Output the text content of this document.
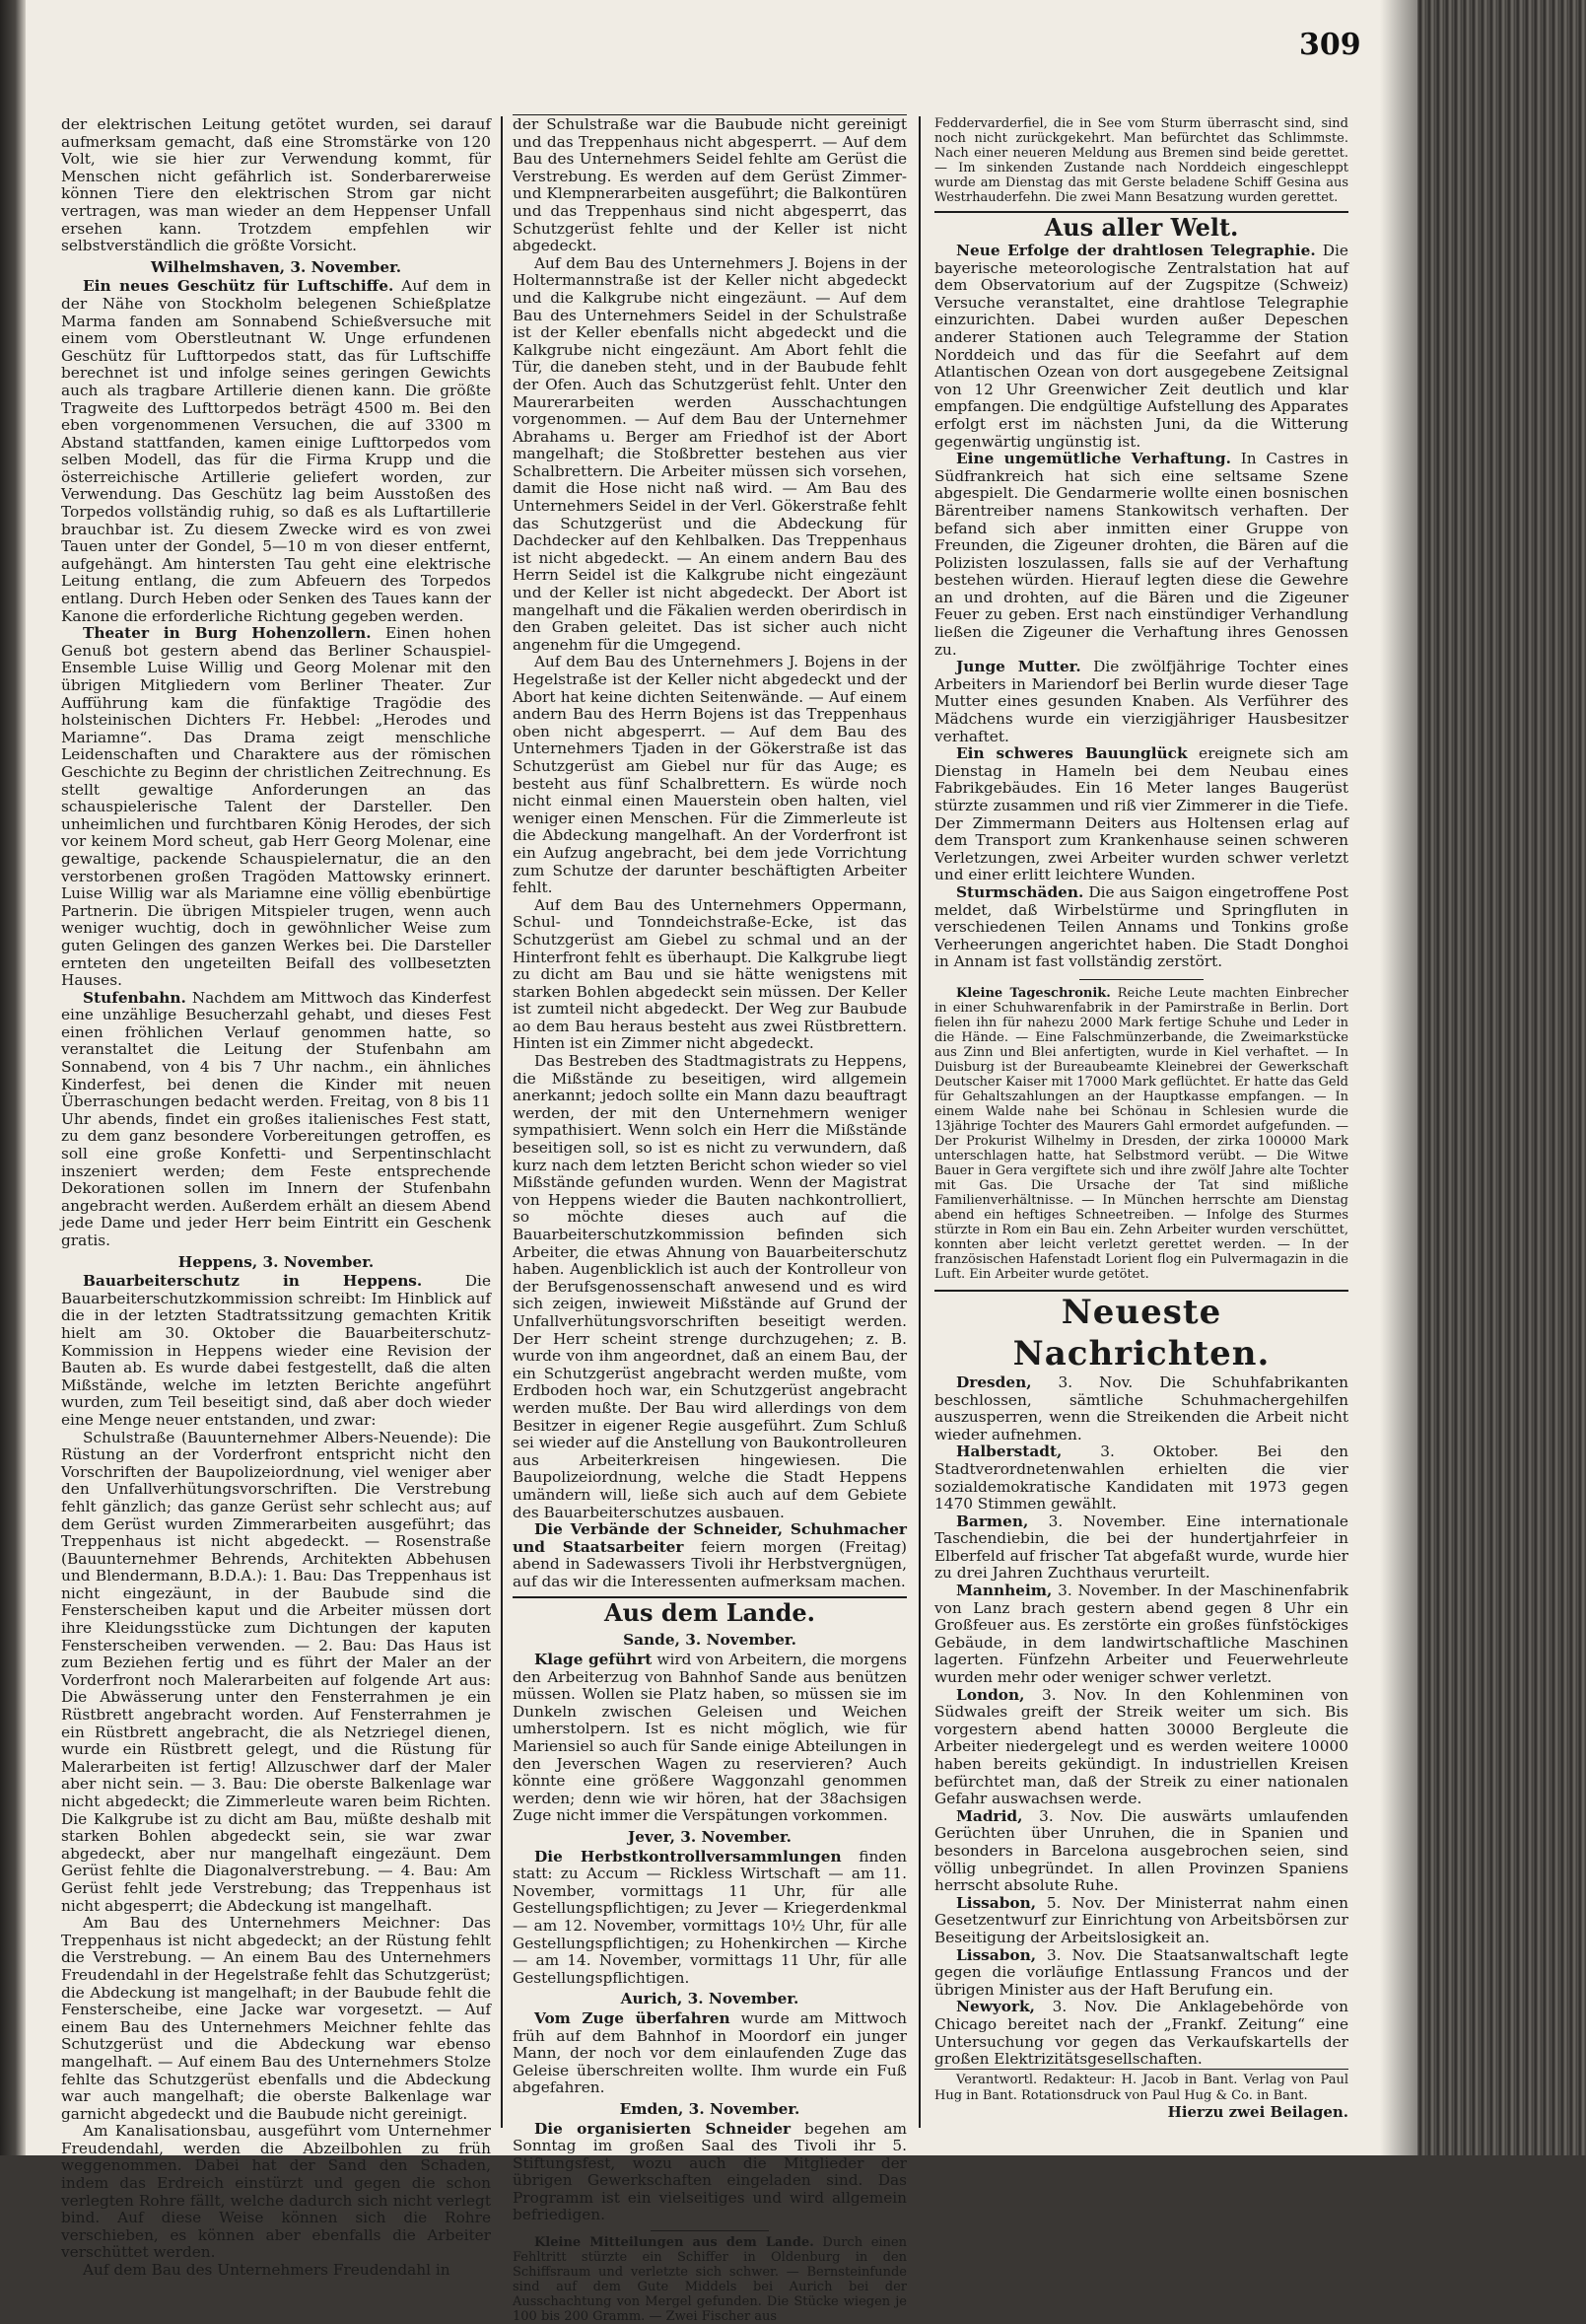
309

der elektrischen Leitung getötet wurden, sei darauf aufmerksam gemacht, daß eine Stromstärke von 120 Volt, wie sie hier zur Verwendung kommt, für Menschen nicht gefährlich ist. Sonderbarerweise können Tiere den elektrischen Strom gar nicht vertragen, was man wieder an dem Heppenser Unfall ersehen kann. Trotzdem empfehlen wir selbstverständlich die größte Vorsicht.

Wilhelmshaven, 3. November.

Ein neues Geschütz für Luftschiffe. Auf dem in der Nähe von Stockholm belegenen Schießplatze Marma fanden am Sonnabend Schießversuche mit einem vom Oberstleutnant W. Unge erfundenen Geschütz für Lufttorpedos statt, das für Luftschiffe berechnet ist und infolge seines geringen Gewichts auch als tragbare Artillerie dienen kann. Die größte Tragweite des Lufttorpedos beträgt 4500 m. Bei den eben vorgenommenen Versuchen, die auf 3300 m Abstand stattfanden, kamen einige Lufttorpedos vom selben Modell, das für die Firma Krupp und die österreichische Artillerie geliefert worden, zur Verwendung. Das Geschütz lag beim Ausstoßen des Torpedos vollständig ruhig, so daß es als Luftartillerie brauchbar ist. Zu diesem Zwecke wird es von zwei Tauen unter der Gondel, 5—10 m von dieser entfernt, aufgehängt. Am hintersten Tau geht eine elektrische Leitung entlang, die zum Abfeuern des Torpedos entlang. Durch Heben oder Senken des Taues kann der Kanone die erforderliche Richtung gegeben werden.

Theater in Burg Hohenzollern. Einen hohen Genuß bot gestern abend das Berliner Schauspiel-Ensemble Luise Willig und Georg Molenar mit den übrigen Mitgliedern vom Berliner Theater. Zur Aufführung kam die fünfaktige Tragödie des holsteinischen Dichters Fr. Hebbel: „Herodes und Mariamne“. Das Drama zeigt menschliche Leidenschaften und Charaktere aus der römischen Geschichte zu Beginn der christlichen Zeitrechnung. Es stellt gewaltige Anforderungen an das schauspielerische Talent der Darsteller. Den unheimlichen und furchtbaren König Herodes, der sich vor keinem Mord scheut, gab Herr Georg Molenar, eine gewaltige, packende Schauspielernatur, die an den verstorbenen großen Tragöden Mattowsky erinnert. Luise Willig war als Mariamne eine völlig ebenbürtige Partnerin. Die übrigen Mitspieler trugen, wenn auch weniger wuchtig, doch in gewöhnlicher Weise zum guten Gelingen des ganzen Werkes bei. Die Darsteller ernteten den ungeteilten Beifall des vollbesetzten Hauses.

Stufenbahn. Nachdem am Mittwoch das Kinderfest eine unzählige Besucherzahl gehabt, und dieses Fest einen fröhlichen Verlauf genommen hatte, so veranstaltet die Leitung der Stufenbahn am Sonnabend, von 4 bis 7 Uhr nachm., ein ähnliches Kinderfest, bei denen die Kinder mit neuen Überraschungen bedacht werden. Freitag, von 8 bis 11 Uhr abends, findet ein großes italienisches Fest statt, zu dem ganz besondere Vorbereitungen getroffen, es soll eine große Konfetti- und Serpentinschlacht inszeniert werden; dem Feste entsprechende Dekorationen sollen im Innern der Stufenbahn angebracht werden. Außerdem erhält an diesem Abend jede Dame und jeder Herr beim Eintritt ein Geschenk gratis.

Heppens, 3. November.

Bauarbeiterschutz in Heppens. Die Bauarbeiterschutzkommission schreibt: Im Hinblick auf die in der letzten Stadtratssitzung gemachten Kritik hielt am 30. Oktober die Bauarbeiterschutz-Kommission in Heppens wieder eine Revision der Bauten ab. Es wurde dabei festgestellt, daß die alten Mißstände, welche im letzten Berichte angeführt wurden, zum Teil beseitigt sind, daß aber doch wieder eine Menge neuer entstanden, und zwar:

Schulstraße (Bauunternehmer Albers-Neuende): Die Rüstung an der Vorderfront entspricht nicht den Vorschriften der Baupolizeiordnung, viel weniger aber den Unfallverhütungsvorschriften. Die Verstrebung fehlt gänzlich; das ganze Gerüst sehr schlecht aus; auf dem Gerüst wurden Zimmerarbeiten ausgeführt; das Treppenhaus ist nicht abgedeckt. — Rosenstraße (Bauunternehmer Behrends, Architekten Abbehusen und Blendermann, B.D.A.): 1. Bau: Das Treppenhaus ist nicht eingezäunt, in der Baubude sind die Fensterscheiben kaput und die Arbeiter müssen dort ihre Kleidungsstücke zum Dichtungen der kaputen Fensterscheiben verwenden. — 2. Bau: Das Haus ist zum Beziehen fertig und es führt der Maler an der Vorderfront noch Malerarbeiten auf folgende Art aus: Die Abwässerung unter den Fensterrahmen je ein Rüstbrett angebracht worden. Auf Fensterrahmen je ein Rüstbrett angebracht, die als Netzriegel dienen, wurde ein Rüstbrett gelegt, und die Rüstung für Malerarbeiten ist fertig! Allzuschwer darf der Maler aber nicht sein. — 3. Bau: Die oberste Balkenlage war nicht abgedeckt; die Zimmerleute waren beim Richten. Die Kalkgrube ist zu dicht am Bau, müßte deshalb mit starken Bohlen abgedeckt sein, sie war zwar abgedeckt, aber nur mangelhaft eingezäunt. Dem Gerüst fehlte die Diagonalverstrebung. — 4. Bau: Am Gerüst fehlt jede Verstrebung; das Treppenhaus ist nicht abgesperrt; die Abdeckung ist mangelhaft.

Am Bau des Unternehmers Meichner: Das Treppenhaus ist nicht abgedeckt; an der Rüstung fehlt die Verstrebung. — An einem Bau des Unternehmers Freudendahl in der Hegelstraße fehlt das Schutzgerüst; die Abdeckung ist mangelhaft; in der Baubude fehlt die Fensterscheibe, eine Jacke war vorgesetzt. — Auf einem Bau des Unternehmers Meichner fehlte das Schutzgerüst und die Abdeckung war ebenso mangelhaft. — Auf einem Bau des Unternehmers Stolze fehlte das Schutzgerüst ebenfalls und die Abdeckung war auch mangelhaft; die oberste Balkenlage war garnicht abgedeckt und die Baubude nicht gereinigt.

Am Kanalisationsbau, ausgeführt vom Unternehmer Freudendahl, werden die Abzeilbohlen zu früh weggenommen. Dabei hat der Sand den Schaden, indem das Erdreich einstürzt und gegen die schon verlegten Rohre fällt, welche dadurch sich nicht verlegt bind. Auf diese Weise können sich die Rohre verschieben, es können aber ebenfalls die Arbeiter verschüttet werden.

Auf dem Bau des Unternehmers Freudendahl in

der Schulstraße war die Baubude nicht gereinigt und das Treppenhaus nicht abgesperrt. — Auf dem Bau des Unternehmers Seidel fehlte am Gerüst die Verstrebung. Es werden auf dem Gerüst Zimmer- und Klempnerarbeiten ausgeführt; die Balkontüren und das Treppenhaus sind nicht abgesperrt, das Schutzgerüst fehlte und der Keller ist nicht abgedeckt.

Auf dem Bau des Unternehmers J. Bojens in der Holtermannstraße ist der Keller nicht abgedeckt und die Kalkgrube nicht eingezäunt. — Auf dem Bau des Unternehmers Seidel in der Schulstraße ist der Keller ebenfalls nicht abgedeckt und die Kalkgrube nicht eingezäunt. Am Abort fehlt die Tür, die daneben steht, und in der Baubude fehlt der Ofen. Auch das Schutzgerüst fehlt. Unter den Maurerarbeiten werden Ausschachtungen vorgenommen. — Auf dem Bau der Unternehmer Abrahams u. Berger am Friedhof ist der Abort mangelhaft; die Stoßbretter bestehen aus vier Schalbrettern. Die Arbeiter müssen sich vorsehen, damit die Hose nicht naß wird. — Am Bau des Unternehmers Seidel in der Verl. Gökerstraße fehlt das Schutzgerüst und die Abdeckung für Dachdecker auf den Kehlbalken. Das Treppenhaus ist nicht abgedeckt. — An einem andern Bau des Herrn Seidel ist die Kalkgrube nicht eingezäunt und der Keller ist nicht abgedeckt. Der Abort ist mangelhaft und die Fäkalien werden oberirdisch in den Graben geleitet. Das ist sicher auch nicht angenehm für die Umgegend.

Auf dem Bau des Unternehmers J. Bojens in der Hegelstraße ist der Keller nicht abgedeckt und der Abort hat keine dichten Seitenwände. — Auf einem andern Bau des Herrn Bojens ist das Treppenhaus oben nicht abgesperrt. — Auf dem Bau des Unternehmers Tjaden in der Gökerstraße ist das Schutzgerüst am Giebel nur für das Auge; es besteht aus fünf Schalbrettern. Es würde noch nicht einmal einen Mauerstein oben halten, viel weniger einen Menschen. Für die Zimmerleute ist die Abdeckung mangelhaft. An der Vorderfront ist ein Aufzug angebracht, bei dem jede Vorrichtung zum Schutze der darunter beschäftigten Arbeiter fehlt.

Auf dem Bau des Unternehmers Oppermann, Schul- und Tonndeichstraße-Ecke, ist das Schutzgerüst am Giebel zu schmal und an der Hinterfront fehlt es überhaupt. Die Kalkgrube liegt zu dicht am Bau und sie hätte wenigstens mit starken Bohlen abgedeckt sein müssen. Der Keller ist zumteil nicht abgedeckt. Der Weg zur Baubude ao dem Bau heraus besteht aus zwei Rüstbrettern. Hinten ist ein Zimmer nicht abgedeckt.

Das Bestreben des Stadtmagistrats zu Heppens, die Mißstände zu beseitigen, wird allgemein anerkannt; jedoch sollte ein Mann dazu beauftragt werden, der mit den Unternehmern weniger sympathisiert. Wenn solch ein Herr die Mißstände beseitigen soll, so ist es nicht zu verwundern, daß kurz nach dem letzten Bericht schon wieder so viel Mißstände gefunden wurden. Wenn der Magistrat von Heppens wieder die Bauten nachkontrolliert, so möchte dieses auch auf die Bauarbeiterschutzkommission befinden sich Arbeiter, die etwas Ahnung von Bauarbeiterschutz haben. Augenblicklich ist auch der Kontrolleur von der Berufsgenossenschaft anwesend und es wird sich zeigen, inwieweit Mißstände auf Grund der Unfallverhütungsvorschriften beseitigt werden. Der Herr scheint strenge durchzugehen; z. B. wurde von ihm angeordnet, daß an einem Bau, der ein Schutzgerüst angebracht werden mußte, vom Erdboden hoch war, ein Schutzgerüst angebracht werden mußte. Der Bau wird allerdings von dem Besitzer in eigener Regie ausgeführt. Zum Schluß sei wieder auf die Anstellung von Baukontrolleuren aus Arbeiterkreisen hingewiesen. Die Baupolizeiordnung, welche die Stadt Heppens umändern will, ließe sich auch auf dem Gebiete des Bauarbeiterschutzes ausbauen.

Die Verbände der Schneider, Schuhmacher und Staatsarbeiter feiern morgen (Freitag) abend in Sadewassers Tivoli ihr Herbstvergnügen, auf das wir die Interessenten aufmerksam machen.

Aus dem Lande.

Sande, 3. November.

Klage geführt wird von Arbeitern, die morgens den Arbeiterzug von Bahnhof Sande aus benützen müssen. Wollen sie Platz haben, so müssen sie im Dunkeln zwischen Geleisen und Weichen umherstolpern. Ist es nicht möglich, wie für Mariensiel so auch für Sande einige Abteilungen in den Jeverschen Wagen zu reservieren? Auch könnte eine größere Waggonzahl genommen werden; denn wie wir hören, hat der 38achsigen Zuge nicht immer die Verspätungen vorkommen.

Jever, 3. November.

Die Herbstkontrollversammlungen finden statt: zu Accum — Rickless Wirtschaft — am 11. November, vormittags 11 Uhr, für alle Gestellungspflichtigen; zu Jever — Kriegerdenkmal — am 12. November, vormittags 10½ Uhr, für alle Gestellungspflichtigen; zu Hohenkirchen — Kirche — am 14. November, vormittags 11 Uhr, für alle Gestellungspflichtigen.

Aurich, 3. November.

Vom Zuge überfahren wurde am Mittwoch früh auf dem Bahnhof in Moordorf ein junger Mann, der noch vor dem einlaufenden Zuge das Geleise überschreiten wollte. Ihm wurde ein Fuß abgefahren.

Emden, 3. November.

Die organisierten Schneider begehen am Sonntag im großen Saal des Tivoli ihr 5. Stiftungsfest, wozu auch die Mitglieder der übrigen Gewerkschaften eingeladen sind. Das Programm ist ein vielseitiges und wird allgemein befriedigen.

Kleine Mitteilungen aus dem Lande. Durch einen Fehltritt stürzte ein Schiffer in Oldenburg in den Schiffsraum und verletzte sich schwer. — Bernsteinfunde sind auf dem Gute Middels bei Aurich bei der Ausschachtung von Mergel gefunden. Die Stücke wiegen je 100 bis 200 Gramm. — Zwei Fischer aus

Feddervarderfiel, die in See vom Sturm überrascht sind, sind noch nicht zurückgekehrt. Man befürchtet das Schlimmste. Nach einer neueren Meldung aus Bremen sind beide gerettet. — Im sinkenden Zustande nach Norddeich eingeschleppt wurde am Dienstag das mit Gerste beladene Schiff Gesina aus Westrhauderfehn. Die zwei Mann Besatzung wurden gerettet.

Aus aller Welt.

Neue Erfolge der drahtlosen Telegraphie. Die bayerische meteorologische Zentralstation hat auf dem Observatorium auf der Zugspitze (Schweiz) Versuche veranstaltet, eine drahtlose Telegraphie einzurichten. Dabei wurden außer Depeschen anderer Stationen auch Telegramme der Station Norddeich und das für die Seefahrt auf dem Atlantischen Ozean von dort ausgegebene Zeitsignal von 12 Uhr Greenwicher Zeit deutlich und klar empfangen. Die endgültige Aufstellung des Apparates erfolgt erst im nächsten Juni, da die Witterung gegenwärtig ungünstig ist.

Eine ungemütliche Verhaftung. In Castres in Südfrankreich hat sich eine seltsame Szene abgespielt. Die Gendarmerie wollte einen bosnischen Bärentreiber namens Stankowitsch verhaften. Der befand sich aber inmitten einer Gruppe von Freunden, die Zigeuner drohten, die Bären auf die Polizisten loszulassen, falls sie auf der Verhaftung bestehen würden. Hierauf legten diese die Gewehre an und drohten, auf die Bären und die Zigeuner Feuer zu geben. Erst nach einstündiger Verhandlung ließen die Zigeuner die Verhaftung ihres Genossen zu.

Junge Mutter. Die zwölfjährige Tochter eines Arbeiters in Mariendorf bei Berlin wurde dieser Tage Mutter eines gesunden Knaben. Als Verführer des Mädchens wurde ein vierzigjähriger Hausbesitzer verhaftet.

Ein schweres Bauunglück ereignete sich am Dienstag in Hameln bei dem Neubau eines Fabrikgebäudes. Ein 16 Meter langes Baugerüst stürzte zusammen und riß vier Zimmerer in die Tiefe. Der Zimmermann Deiters aus Holtensen erlag auf dem Transport zum Krankenhause seinen schweren Verletzungen, zwei Arbeiter wurden schwer verletzt und einer erlitt leichtere Wunden.

Sturmschäden. Die aus Saigon eingetroffene Post meldet, daß Wirbelstürme und Springfluten in verschiedenen Teilen Annams und Tonkins große Verheerungen angerichtet haben. Die Stadt Donghoi in Annam ist fast vollständig zerstört.

Kleine Tageschronik. Reiche Leute machten Einbrecher in einer Schuhwarenfabrik in der Pamirstraße in Berlin. Dort fielen ihn für nahezu 2000 Mark fertige Schuhe und Leder in die Hände. — Eine Falschmünzerbande, die Zweimarkstücke aus Zinn und Blei anfertigten, wurde in Kiel verhaftet. — In Duisburg ist der Bureaubeamte Kleinebrei der Gewerkschaft Deutscher Kaiser mit 17000 Mark geflüchtet. Er hatte das Geld für Gehaltszahlungen an der Hauptkasse empfangen. — In einem Walde nahe bei Schönau in Schlesien wurde die 13jährige Tochter des Maurers Gahl ermordet aufgefunden. — Der Prokurist Wilhelmy in Dresden, der zirka 100000 Mark unterschlagen hatte, hat Selbstmord verübt. — Die Witwe Bauer in Gera vergiftete sich und ihre zwölf Jahre alte Tochter mit Gas. Die Ursache der Tat sind mißliche Familienverhältnisse. — In München herrschte am Dienstag abend ein heftiges Schneetreiben. — Infolge des Sturmes stürzte in Rom ein Bau ein. Zehn Arbeiter wurden verschüttet, konnten aber leicht verletzt gerettet werden. — In der französischen Hafenstadt Lorient flog ein Pulvermagazin in die Luft. Ein Arbeiter wurde getötet.

Neueste Nachrichten.

Dresden, 3. Nov. Die Schuhfabrikanten beschlossen, sämtliche Schuhmachergehilfen auszusperren, wenn die Streikenden die Arbeit nicht wieder aufnehmen.

Halberstadt, 3. Oktober. Bei den Stadtverordnetenwahlen erhielten die vier sozialdemokratische Kandidaten mit 1973 gegen 1470 Stimmen gewählt.

Barmen, 3. November. Eine internationale Taschendiebin, die bei der hundertjahrfeier in Elberfeld auf frischer Tat abgefaßt wurde, wurde hier zu drei Jahren Zuchthaus verurteilt.

Mannheim, 3. November. In der Maschinenfabrik von Lanz brach gestern abend gegen 8 Uhr ein Großfeuer aus. Es zerstörte ein großes fünfstöckiges Gebäude, in dem landwirtschaftliche Maschinen lagerten. Fünfzehn Arbeiter und Feuerwehrleute wurden mehr oder weniger schwer verletzt.

London, 3. Nov. In den Kohlenminen von Südwales greift der Streik weiter um sich. Bis vorgestern abend hatten 30000 Bergleute die Arbeiter niedergelegt und es werden weitere 10000 haben bereits gekündigt. In industriellen Kreisen befürchtet man, daß der Streik zu einer nationalen Gefahr auswachsen werde.

Madrid, 3. Nov. Die auswärts umlaufenden Gerüchten über Unruhen, die in Spanien und besonders in Barcelona ausgebrochen seien, sind völlig unbegründet. In allen Provinzen Spaniens herrscht absolute Ruhe.

Lissabon, 5. Nov. Der Ministerrat nahm einen Gesetzentwurf zur Einrichtung von Arbeitsbörsen zur Beseitigung der Arbeitslosigkeit an.

Lissabon, 3. Nov. Die Staatsanwaltschaft legte gegen die vorläufige Entlassung Francos und der übrigen Minister aus der Haft Berufung ein.

Newyork, 3. Nov. Die Anklagebehörde von Chicago bereitet nach der „Frankf. Zeitung“ eine Untersuchung vor gegen das Verkaufskartells der großen Elektrizitätsgesellschaften.

Verantwortl. Redakteur: H. Jacob in Bant. Verlag von Paul Hug in Bant. Rotationsdruck von Paul Hug & Co. in Bant.

Hierzu zwei Beilagen.
